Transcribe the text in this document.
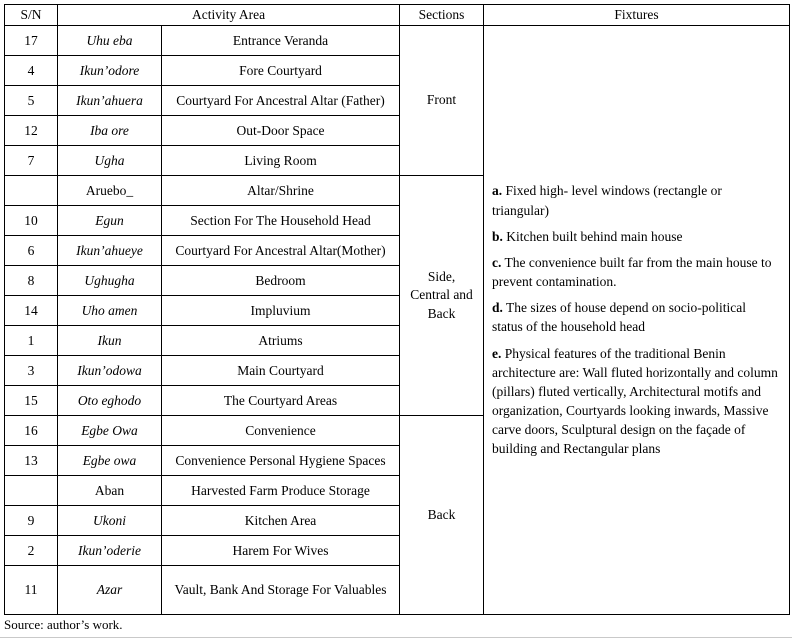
S/N	Activity Area		Sections	Fixtures
17	Uhu eba	Entrance Veranda	Front	a. Fixed high- level windows (rectangle or triangular)

b. Kitchen built behind main house

c. The convenience built far from the main house to prevent contamination.

d. The sizes of house depend on socio-political status of the household head

e. Physical features of the traditional Benin architecture are: Wall fluted horizontally and column (pillars) fluted vertically, Architectural motifs and organization, Courtyards looking inwards, Massive carve doors, Sculptural design on the façade of building and Rectangular plans

4	Ikun’odore	Fore Courtyard		
5	Ikun’ahuera	Courtyard For Ancestral Altar (Father)		
12	Iba ore	Out-Door Space		
7	Ugha	Living Room		
	Aruebo_	Altar/Shrine	Side, Central and Back	
10	Egun	Section For The Household Head		
6	Ikun’ahueye	Courtyard For Ancestral Altar(Mother)		
8	Ughugha	Bedroom		
14	Uho amen	Impluvium		
1	Ikun	Atriums		
3	Ikun’odowa	Main Courtyard		
15	Oto eghodo	The Courtyard Areas		
16	Egbe Owa	Convenience	Back	
13	Egbe owa	Convenience Personal Hygiene Spaces		
	Aban	Harvested Farm Produce Storage		
9	Ukoni	Kitchen Area		
2	Ikun’oderie	Harem For Wives		
11	Azar	Vault, Bank And Storage For Valuables		
Source: author’s work.
